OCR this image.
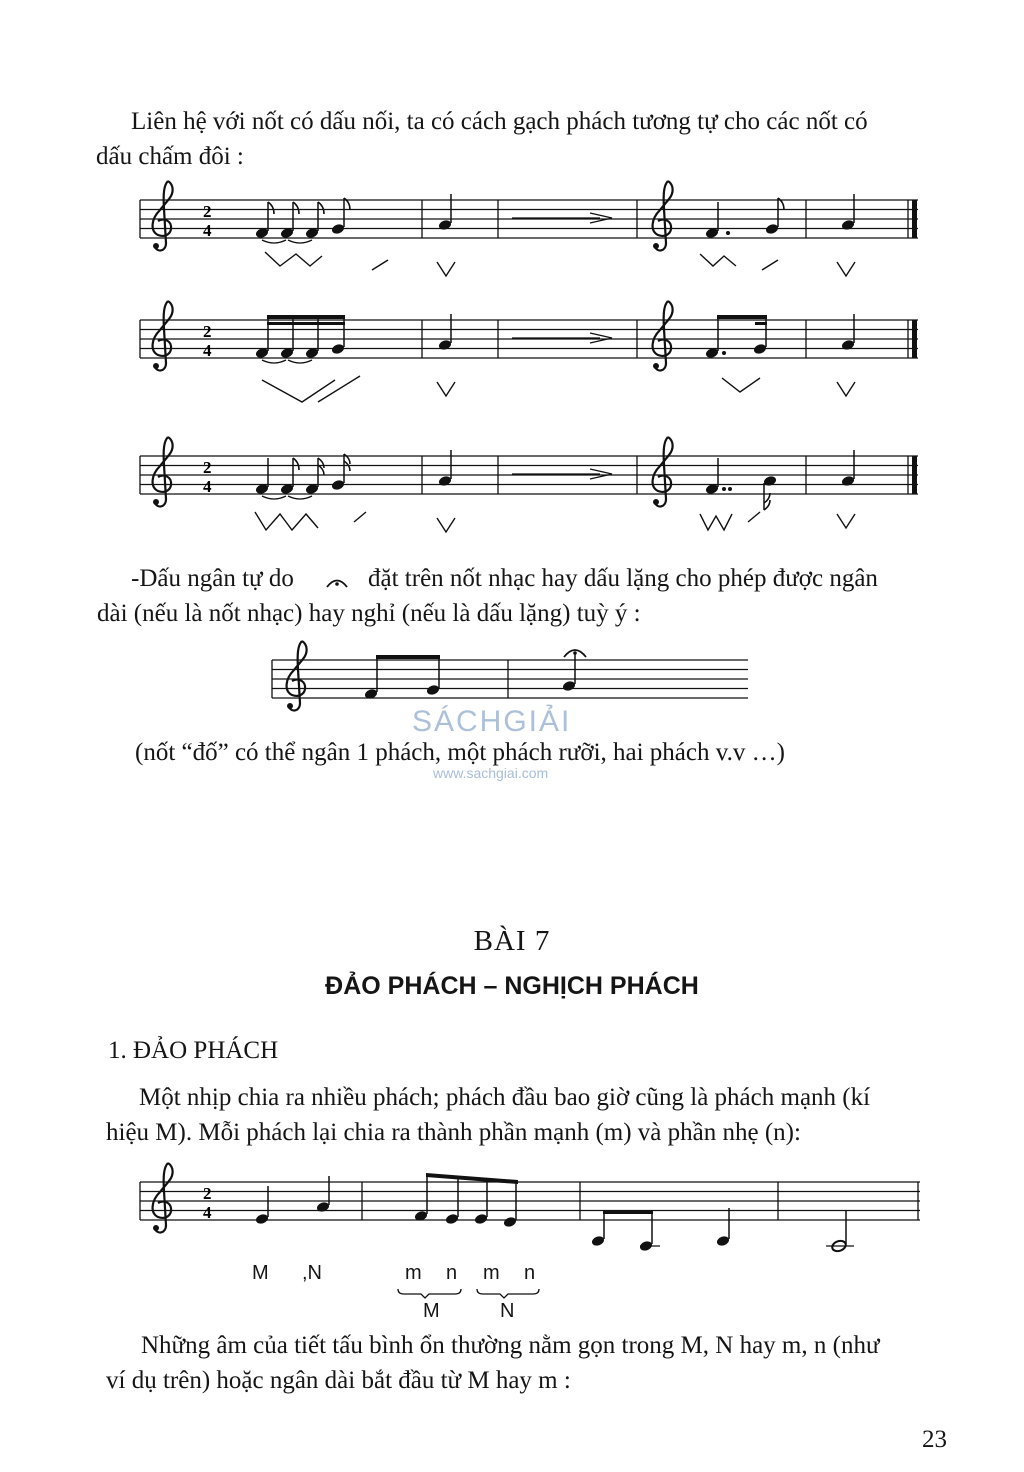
Liên hệ với nốt có dấu nối, ta có cách gạch phách tương tự cho các nốt có
dấu chấm đôi :
-Dấu ngân tự do	đặt trên nốt nhạc hay dấu lặng cho phép được ngân
dài (nếu là nốt nhạc) hay nghỉ (nếu là dấu lặng) tuỳ ý :
(nốt “đố” có thể ngân 1 phách, một phách rưỡi, hai phách v.v …)
SÁCHGIẢI
www.sachgiai.com
BÀI 7
ĐẢO PHÁCH – NGHỊCH PHÁCH
1. ĐẢO PHÁCH
Một nhịp chia ra nhiều phách; phách đầu bao giờ cũng là phách mạnh (kí
hiệu M). Mỗi phách lại chia ra thành phần mạnh (m) và phần nhẹ (n):
M ,N	m n m n
M	N
Những âm của tiết tấu bình ổn thường nằm gọn trong M, N hay m, n (như
ví dụ trên) hoặc ngân dài bắt đầu từ M hay m :
23
2
4
2
4
2
4
2
4
